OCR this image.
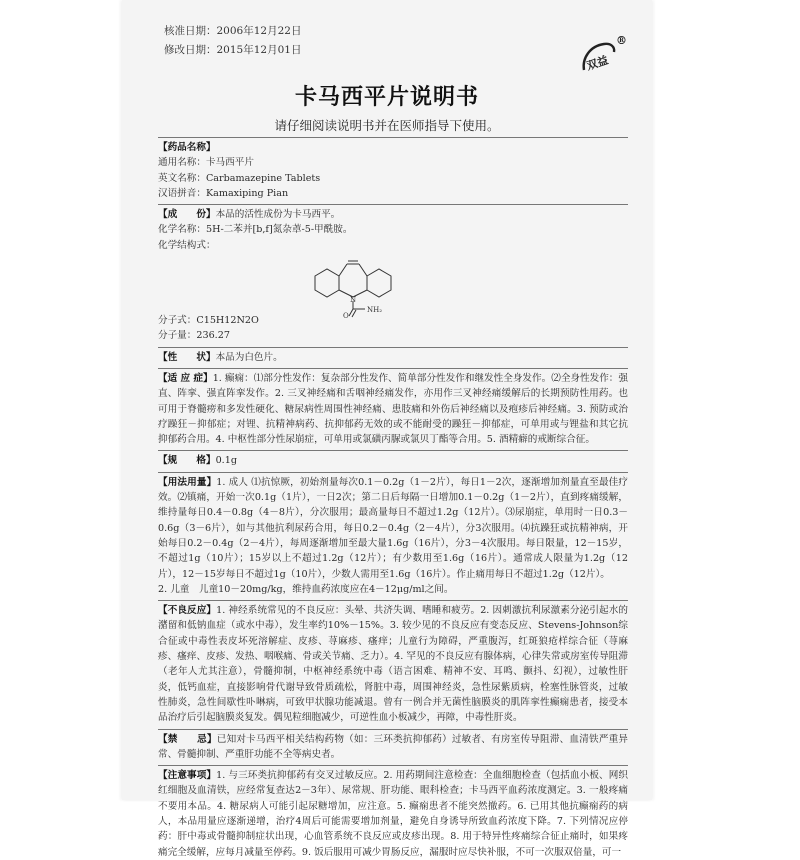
核准日期：2006年12月22日
修改日期：2015年12月01日
双益
®
卡马西平片说明书
请仔细阅读说明书并在医师指导下使用。
【药品名称】
通用名称：卡马西平片
英文名称：Carbamazepine Tablets
汉语拼音：Kamaxiping Pian
【成　　份】本品的活性成份为卡马西平。
化学名称：5H-二苯并[b,f]氮杂䓬-5-甲酰胺。
化学结构式：
N
O
NH₂
分子式：C15H12N2O
分子量：236.27
【性　　状】本品为白色片。
【适 应 症】1. 癫痫：⑴部分性发作：复杂部分性发作、简单部分性发作和继发性全身发作。⑵全身性发作：强直、阵挛、强直阵挛发作。2. 三叉神经痛和舌咽神经痛发作，亦用作三叉神经痛缓解后的长期预防性用药。也可用于脊髓痨和多发性硬化、糖尿病性周围性神经痛、患肢痛和外伤后神经痛以及疱疹后神经痛。3. 预防或治疗躁狂－抑郁症；对锂、抗精神病药、抗抑郁药无效的或不能耐受的躁狂－抑郁症，可单用或与锂盐和其它抗抑郁药合用。4. 中枢性部分性尿崩症，可单用或氯磺丙脲或氯贝丁酯等合用。5. 酒精癖的戒断综合征。
【规　　格】0.1g
【用法用量】1. 成人 ⑴抗惊厥，初始剂量每次0.1－0.2g（1－2片），每日1－2次，逐渐增加剂量直至最佳疗效。⑵镇痛，开始一次0.1g（1片），一日2次；第二日后每隔一日增加0.1－0.2g（1－2片），直到疼痛缓解，维持量每日0.4－0.8g（4－8片），分次服用；最高量每日不超过1.2g（12片）。⑶尿崩症，单用时一日0.3－0.6g（3－6片），如与其他抗利尿药合用，每日0.2－0.4g（2－4片），分3次服用。⑷抗躁狂或抗精神病，开始每日0.2－0.4g（2－4片），每周逐渐增加至最大量1.6g（16片），分3－4次服用。每日限量，12－15岁，不超过1g（10片）；15岁以上不超过1.2g（12片）；有少数用至1.6g（16片）。通常成人限量为1.2g（12片），12－15岁每日不超过1g（10片），少数人需用至1.6g（16片）。作止痛用每日不超过1.2g（12片）。
2. 儿童　儿童10－20mg/kg，维持血药浓度应在4－12μg/ml之间。
【不良反应】1. 神经系统常见的不良反应：头晕、共济失调、嗜睡和疲劳。2. 因刺激抗利尿激素分泌引起水的潴留和低钠血症（或水中毒），发生率约10%－15%。3. 较少见的不良反应有变态反应、Stevens-Johnson综合征或中毒性表皮坏死溶解症、皮疹、荨麻疹、瘙痒；儿童行为障碍，严重腹泻，红斑狼疮样综合征（荨麻疹、瘙痒、皮疹、发热、咽喉痛、骨或关节痛、乏力）。4. 罕见的不良反应有腺体病，心律失常或房室传导阻滞（老年人尤其注意），骨髓抑制，中枢神经系统中毒（语言困难、精神不安、耳鸣、颤抖、幻视），过敏性肝炎，低钙血症，直接影响骨代谢导致骨质疏松，肾脏中毒，周围神经炎，急性尿紫质病，栓塞性脉管炎，过敏性肺炎，急性间歇性卟啉病，可致甲状腺功能减退。曾有一例合并无菌性脑膜炎的肌阵挛性癫痫患者，接受本品治疗后引起脑膜炎复发。偶见粒细胞减少，可逆性血小板减少，再障，中毒性肝炎。
【禁　　忌】已知对卡马西平相关结构药物（如：三环类抗抑郁药）过敏者、有房室传导阻滞、血清铁严重异常、骨髓抑制、严重肝功能不全等病史者。
【注意事项】1. 与三环类抗抑郁药有交叉过敏反应。2. 用药期间注意检查：全血细胞检查（包括血小板、网织红细胞及血清铁，应经常复查达2－3年）、尿常规、肝功能、眼科检查；卡马西平血药浓度测定。3. 一般疼痛不要用本品。4. 糖尿病人可能引起尿糖增加，应注意。5. 癫痫患者不能突然撤药。6. 已用其他抗癫痫药的病人，本品用量应逐渐递增，治疗4周后可能需要增加剂量，避免自身诱导所致血药浓度下降。7. 下列情况应停药：肝中毒或骨髓抑制症状出现，心血管系统不良反应或皮疹出现。8. 用于特异性疼痛综合征止痛时，如果疼痛完全缓解，应每月减量至停药。9. 饭后服用可减少胃肠反应，漏服时应尽快补服，不可一次服双倍量，可一
